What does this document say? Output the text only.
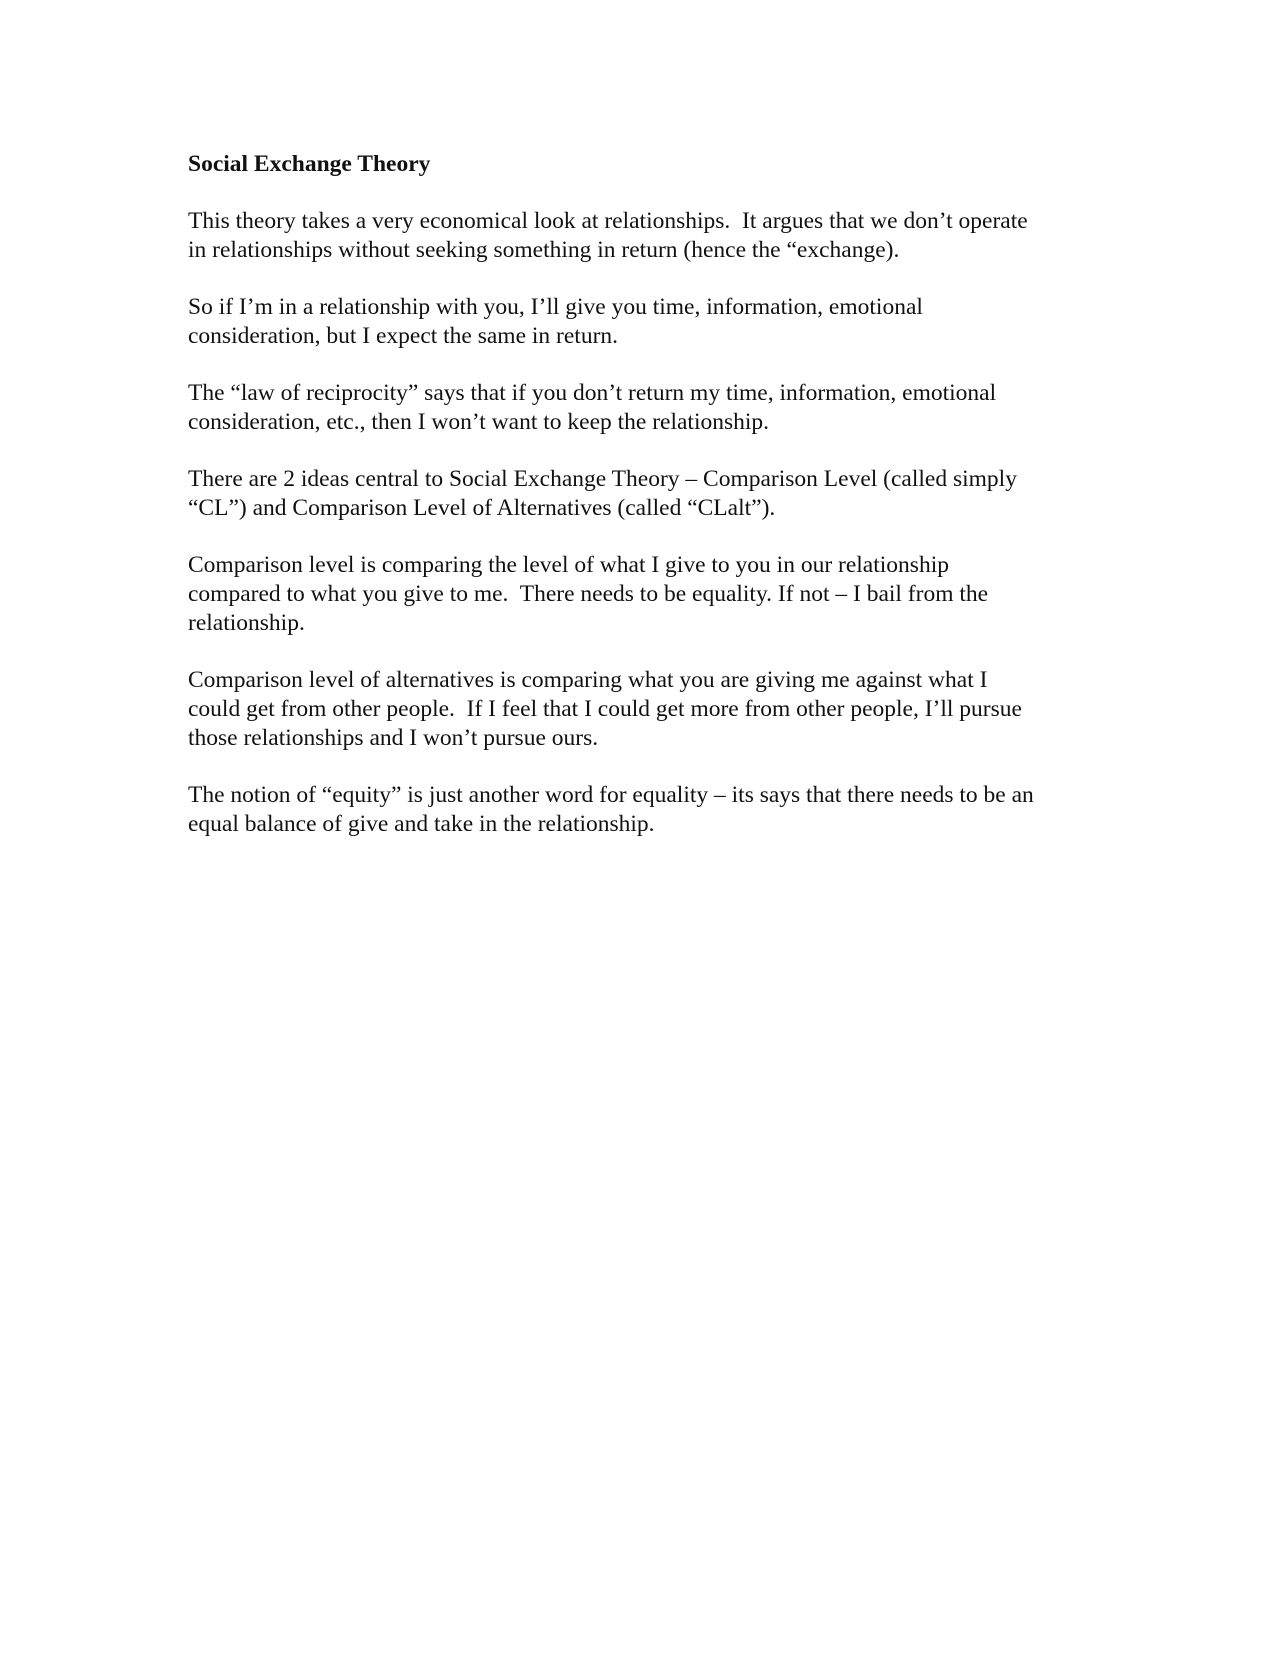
Social Exchange Theory

This theory takes a very economical look at relationships.  It argues that we don’t operate
in relationships without seeking something in return (hence the “exchange).

So if I’m in a relationship with you, I’ll give you time, information, emotional
consideration, but I expect the same in return.

The “law of reciprocity” says that if you don’t return my time, information, emotional
consideration, etc., then I won’t want to keep the relationship.

There are 2 ideas central to Social Exchange Theory – Comparison Level (called simply
“CL”) and Comparison Level of Alternatives (called “CLalt”).

Comparison level is comparing the level of what I give to you in our relationship
compared to what you give to me.  There needs to be equality. If not – I bail from the
relationship.

Comparison level of alternatives is comparing what you are giving me against what I
could get from other people.  If I feel that I could get more from other people, I’ll pursue
those relationships and I won’t pursue ours.

The notion of “equity” is just another word for equality – its says that there needs to be an
equal balance of give and take in the relationship.
